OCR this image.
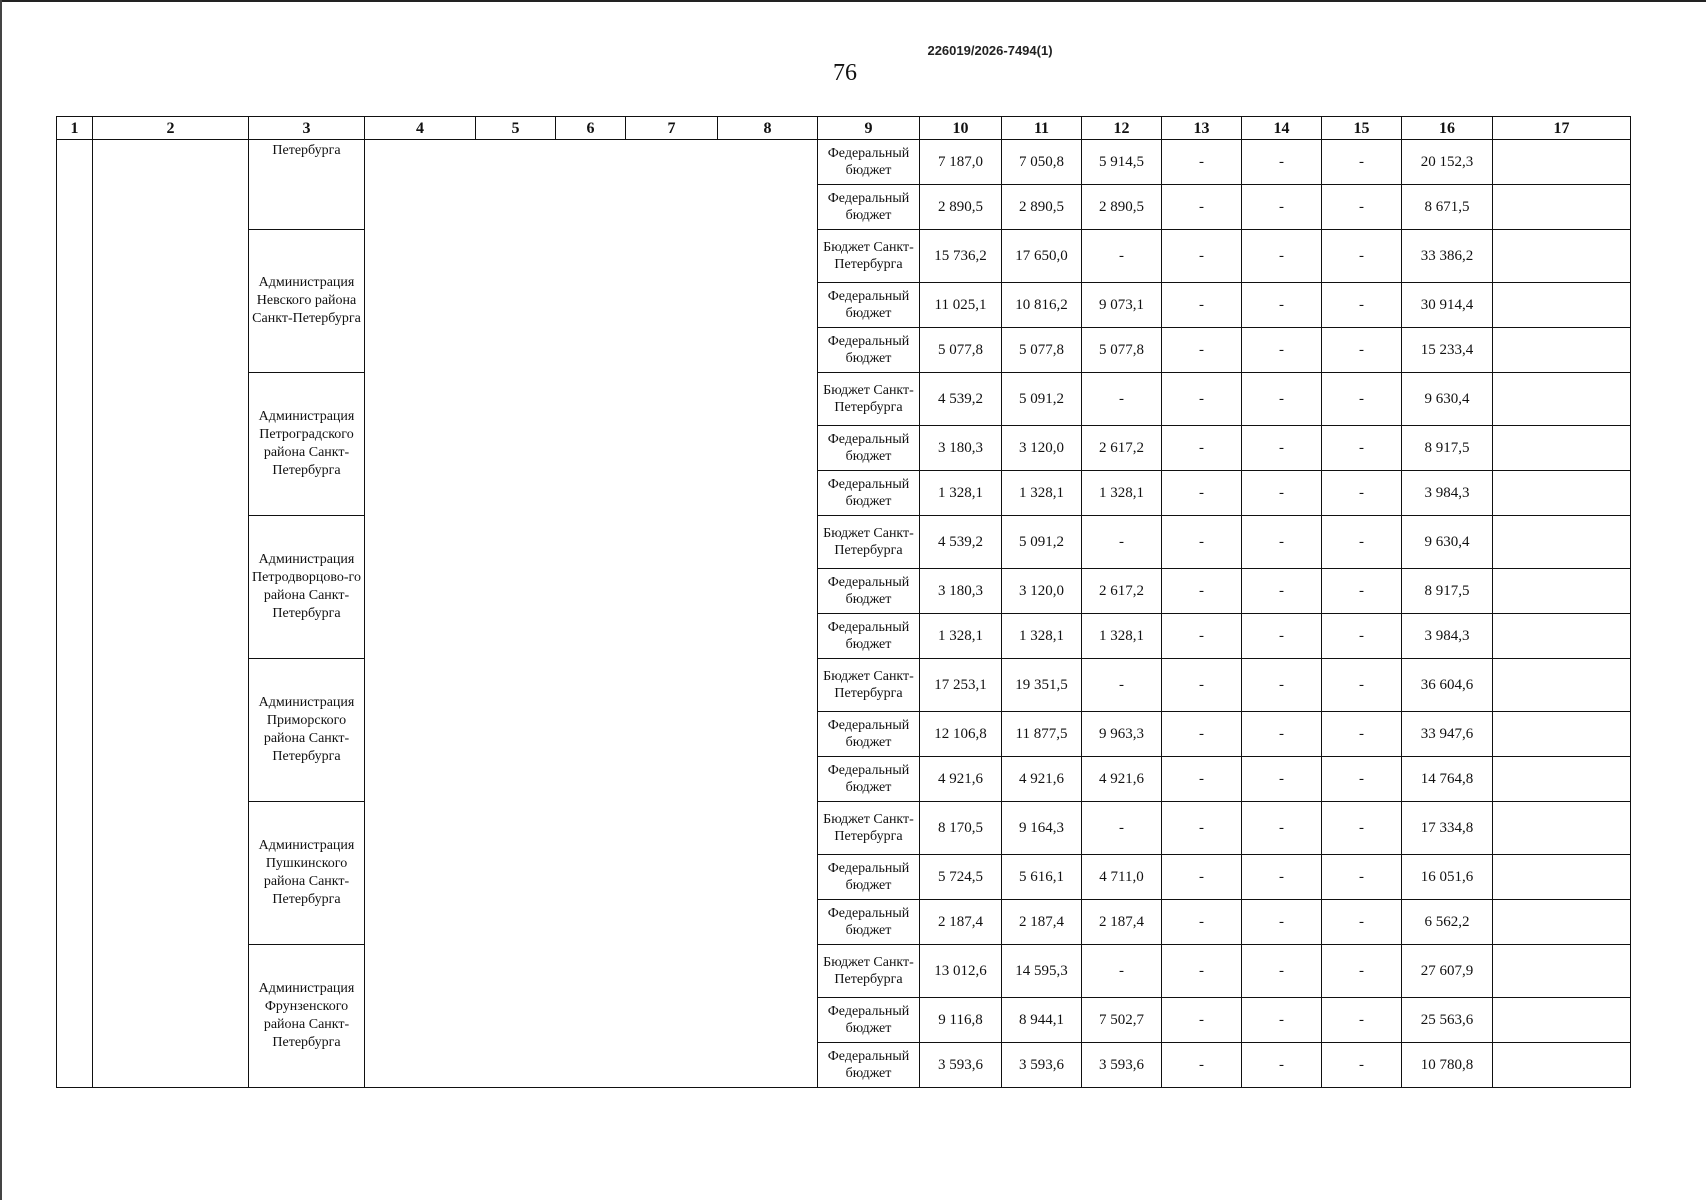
226019/2026-7494(1)
76
1	2	3	4	5	6	7	8	9	10	11	12	13	14	15	16	17
		Петербурга						Федеральный бюджет	7 187,0	7 050,8	5 914,5	-	-	-	20 152,3	
								Федеральный бюджет	2 890,5	2 890,5	2 890,5	-	-	-	8 671,5	
		Администрация Невского района Санкт-Петербурга						Бюджет Санкт-Петербурга	15 736,2	17 650,0	-	-	-	-	33 386,2	
								Федеральный бюджет	11 025,1	10 816,2	9 073,1	-	-	-	30 914,4	
								Федеральный бюджет	5 077,8	5 077,8	5 077,8	-	-	-	15 233,4	
		Администрация Петроградского района Санкт-Петербурга						Бюджет Санкт-Петербурга	4 539,2	5 091,2	-	-	-	-	9 630,4	
								Федеральный бюджет	3 180,3	3 120,0	2 617,2	-	-	-	8 917,5	
								Федеральный бюджет	1 328,1	1 328,1	1 328,1	-	-	-	3 984,3	
		Администрация Петродворцово-го района Санкт-Петербурга						Бюджет Санкт-Петербурга	4 539,2	5 091,2	-	-	-	-	9 630,4	
								Федеральный бюджет	3 180,3	3 120,0	2 617,2	-	-	-	8 917,5	
								Федеральный бюджет	1 328,1	1 328,1	1 328,1	-	-	-	3 984,3	
		Администрация Приморского района Санкт-Петербурга						Бюджет Санкт-Петербурга	17 253,1	19 351,5	-	-	-	-	36 604,6	
								Федеральный бюджет	12 106,8	11 877,5	9 963,3	-	-	-	33 947,6	
								Федеральный бюджет	4 921,6	4 921,6	4 921,6	-	-	-	14 764,8	
		Администрация Пушкинского района Санкт-Петербурга						Бюджет Санкт-Петербурга	8 170,5	9 164,3	-	-	-	-	17 334,8	
								Федеральный бюджет	5 724,5	5 616,1	4 711,0	-	-	-	16 051,6	
								Федеральный бюджет	2 187,4	2 187,4	2 187,4	-	-	-	6 562,2	
		Администрация Фрунзенского района Санкт-Петербурга						Бюджет Санкт-Петербурга	13 012,6	14 595,3	-	-	-	-	27 607,9	
								Федеральный бюджет	9 116,8	8 944,1	7 502,7	-	-	-	25 563,6	
								Федеральный бюджет	3 593,6	3 593,6	3 593,6	-	-	-	10 780,8	
